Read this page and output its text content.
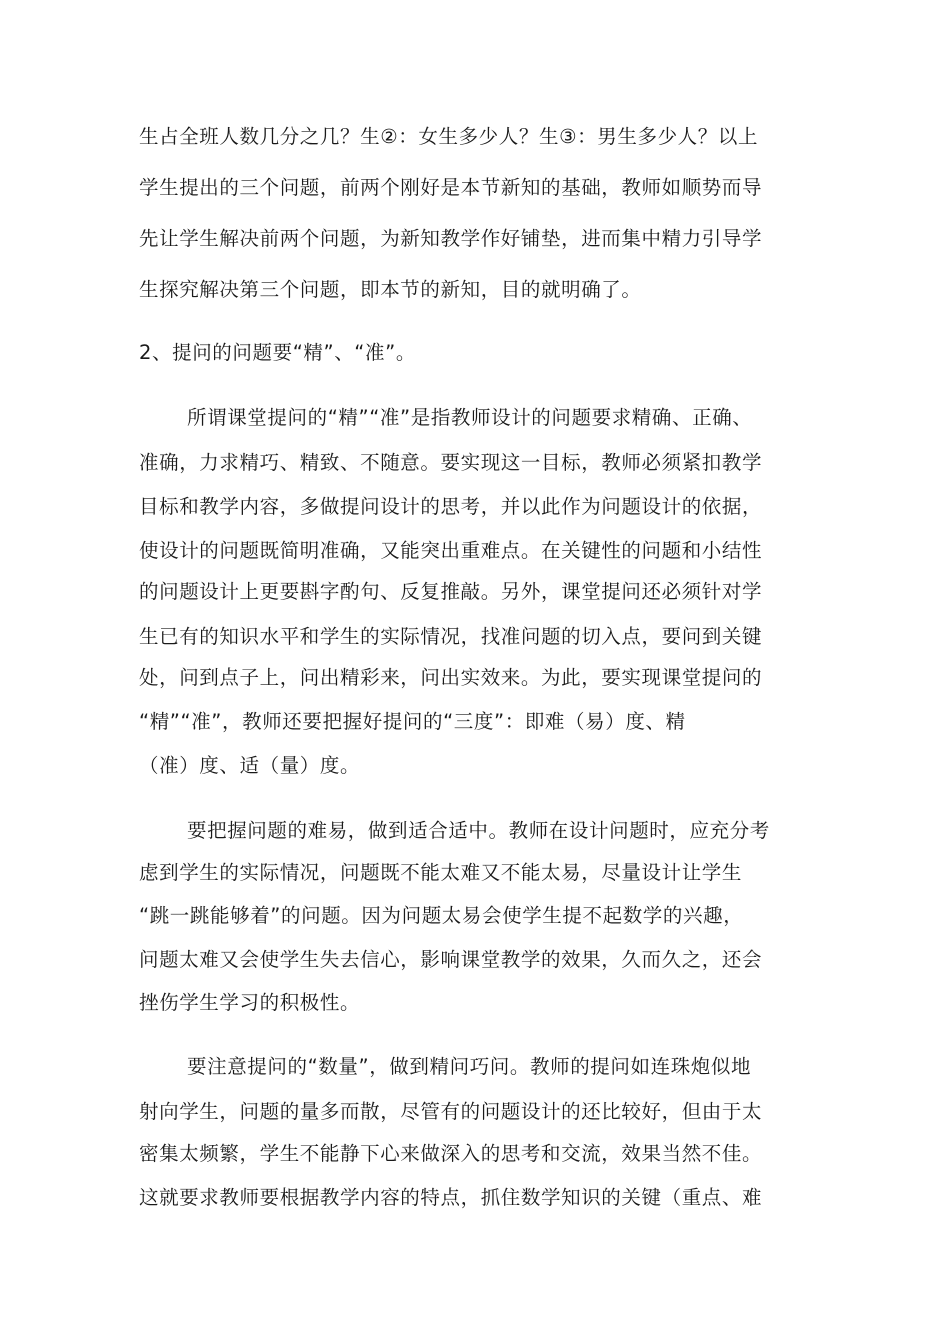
生占全班人数几分之几？生②：女生多少人？生③：男生多少人？以上
学生提出的三个问题，前两个刚好是本节新知的基础，教师如顺势而导
先让学生解决前两个问题，为新知教学作好铺垫，进而集中精力引导学
生探究解决第三个问题，即本节的新知，目的就明确了。
2、提问的问题要“精”、“准”。
所谓课堂提问的“精”“准”是指教师设计的问题要求精确、正确、
准确，力求精巧、精致、不随意。要实现这一目标，教师必须紧扣教学
目标和教学内容，多做提问设计的思考，并以此作为问题设计的依据，
使设计的问题既简明准确，又能突出重难点。在关键性的问题和小结性
的问题设计上更要斟字酌句、反复推敲。另外，课堂提问还必须针对学
生已有的知识水平和学生的实际情况，找准问题的切入点，要问到关键
处，问到点子上，问出精彩来，问出实效来。为此，要实现课堂提问的
“精”“准”，教师还要把握好提问的“三度”：即难（易）度、精
（准）度、适（量）度。
要把握问题的难易，做到适合适中。教师在设计问题时，应充分考
虑到学生的实际情况，问题既不能太难又不能太易，尽量设计让学生
“跳一跳能够着”的问题。因为问题太易会使学生提不起数学的兴趣，
问题太难又会使学生失去信心，影响课堂教学的效果，久而久之，还会
挫伤学生学习的积极性。
要注意提问的“数量”，做到精问巧问。教师的提问如连珠炮似地
射向学生，问题的量多而散，尽管有的问题设计的还比较好，但由于太
密集太频繁，学生不能静下心来做深入的思考和交流，效果当然不佳。
这就要求教师要根据教学内容的特点，抓住数学知识的关键（重点、难
